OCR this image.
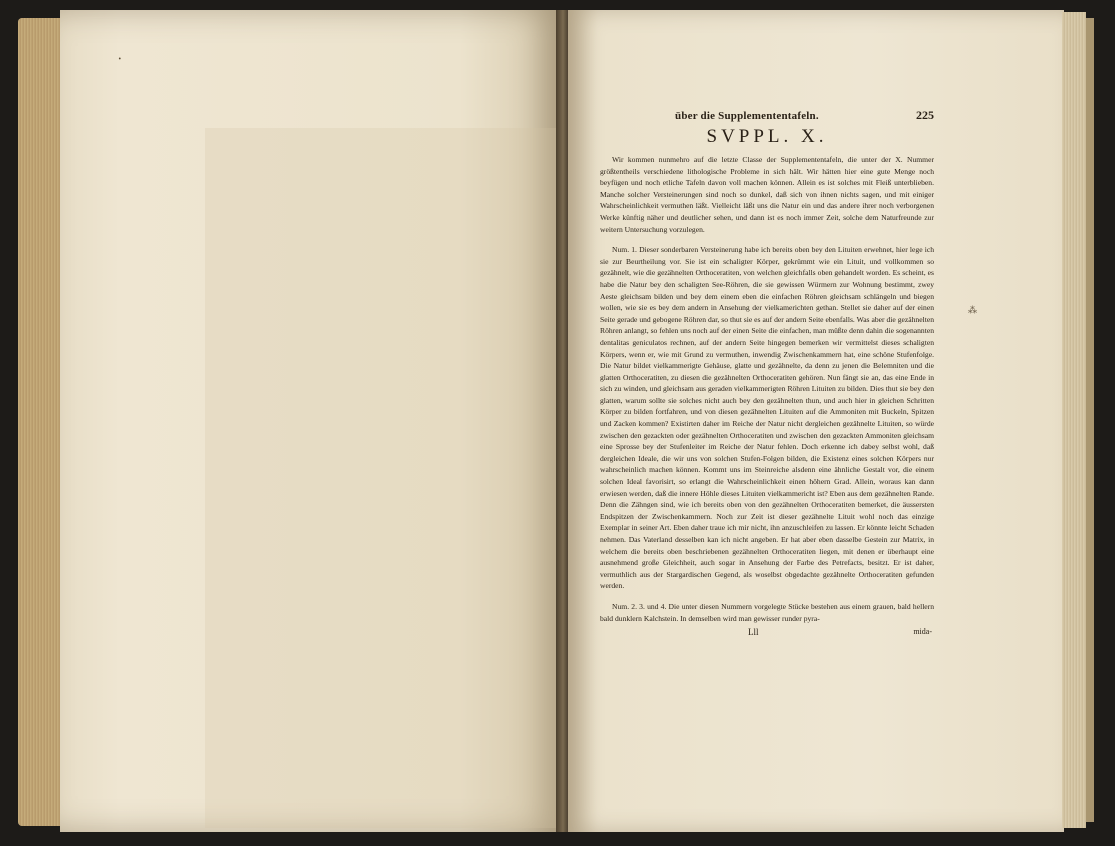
•
⁂
über die Supplemententafeln.	225
SVPPL. X.

Wir kommen nunmehro auf die letzte Classe der Supplemententafeln, die unter der X. Nummer größtentheils verschiedene lithologische Probleme in sich hält. Wir hätten hier eine gute Menge noch beyfügen und noch etliche Tafeln davon voll machen können. Allein es ist solches mit Fleiß unterblieben. Manche solcher Versteinerungen sind noch so dunkel, daß sich von ihnen nichts sagen, und mit einiger Wahrscheinlichkeit vermuthen läßt. Vielleicht läßt uns die Natur ein und das andere ihrer noch verborgenen Werke künftig näher und deutlicher sehen, und dann ist es noch immer Zeit, solche dem Naturfreunde zur weitern Untersuchung vorzulegen.

Num. 1. Dieser sonderbaren Versteinerung habe ich bereits oben bey den Lituiten erwehnet, hier lege ich sie zur Beurtheilung vor. Sie ist ein schaligter Körper, gekrümmt wie ein Lituit, und vollkommen so gezähnelt, wie die gezähnelten Orthoceratiten, von welchen gleichfalls oben gehandelt worden. Es scheint, es habe die Natur bey den schaligten See-Röhren, die sie gewissen Würmern zur Wohnung bestimmt, zwey Aeste gleichsam bilden und bey dem einem eben die einfachen Röhren gleichsam schlängeln und biegen wollen, wie sie es bey dem andern in Ansehung der vielkamerichten gethan. Stellet sie daher auf der einen Seite gerade und gebogene Röhren dar, so thut sie es auf der andern Seite ebenfalls. Was aber die gezähnelten Röhren anlangt, so fehlen uns noch auf der einen Seite die einfachen, man müßte denn dahin die sogenannten dentalitas geniculatos rechnen, auf der andern Seite hingegen bemerken wir vermittelst dieses schaligten Körpers, wenn er, wie mit Grund zu vermuthen, inwendig Zwischenkammern hat, eine schöne Stufenfolge. Die Natur bildet vielkammerigte Gehäuse, glatte und gezähnelte, da denn zu jenen die Belemniten und die glatten Orthoceratiten, zu diesen die gezähnelten Orthoceratiten gehören. Nun fängt sie an, das eine Ende in sich zu winden, und gleichsam aus geraden vielkammerigten Röhren Lituiten zu bilden. Dies thut sie bey den glatten, warum sollte sie solches nicht auch bey den gezähnelten thun, und auch hier in gleichen Schritten Körper zu bilden fortfahren, und von diesen gezähnelten Lituiten auf die Ammoniten mit Buckeln, Spitzen und Zacken kommen? Existirten daher im Reiche der Natur nicht dergleichen gezähnelte Lituiten, so würde zwischen den gezackten oder gezähnelten Orthoceratiten und zwischen den gezackten Ammoniten gleichsam eine Sprosse bey der Stufenleiter im Reiche der Natur fehlen. Doch erkenne ich dabey selbst wohl, daß dergleichen Ideale, die wir uns von solchen Stufen-Folgen bilden, die Existenz eines solchen Körpers nur wahrscheinlich machen können. Kommt uns im Steinreiche alsdenn eine ähnliche Gestalt vor, die einem solchen Ideal favorisirt, so erlangt die Wahrscheinlichkeit einen höhern Grad. Allein, woraus kan dann erwiesen werden, daß die innere Höhle dieses Lituiten vielkammericht ist? Eben aus dem gezähnelten Rande. Denn die Zähngen sind, wie ich bereits oben von den gezähnelten Orthoceratiten bemerket, die äussersten Endspitzen der Zwischenkammern. Noch zur Zeit ist dieser gezähnelte Lituit wohl noch das einzige Exemplar in seiner Art. Eben daher traue ich mir nicht, ihn anzuschleifen zu lassen. Er könnte leicht Schaden nehmen. Das Vaterland desselben kan ich nicht angeben. Er hat aber eben dasselbe Gestein zur Matrix, in welchem die bereits oben beschriebenen gezähnelten Orthoceratiten liegen, mit denen er überhaupt eine ausnehmend große Gleichheit, auch sogar in Ansehung der Farbe des Petrefacts, besitzt. Er ist daher, vermuthlich aus der Stargardischen Gegend, als woselbst obgedachte gezähnelte Orthoceratiten gefunden werden.

Num. 2. 3. und 4. Die unter diesen Nummern vorgelegte Stücke bestehen aus einem grauen, bald hellern bald dunklern Kalchstein. In demselben wird man gewisser runder pyra-

Lll	mida-
